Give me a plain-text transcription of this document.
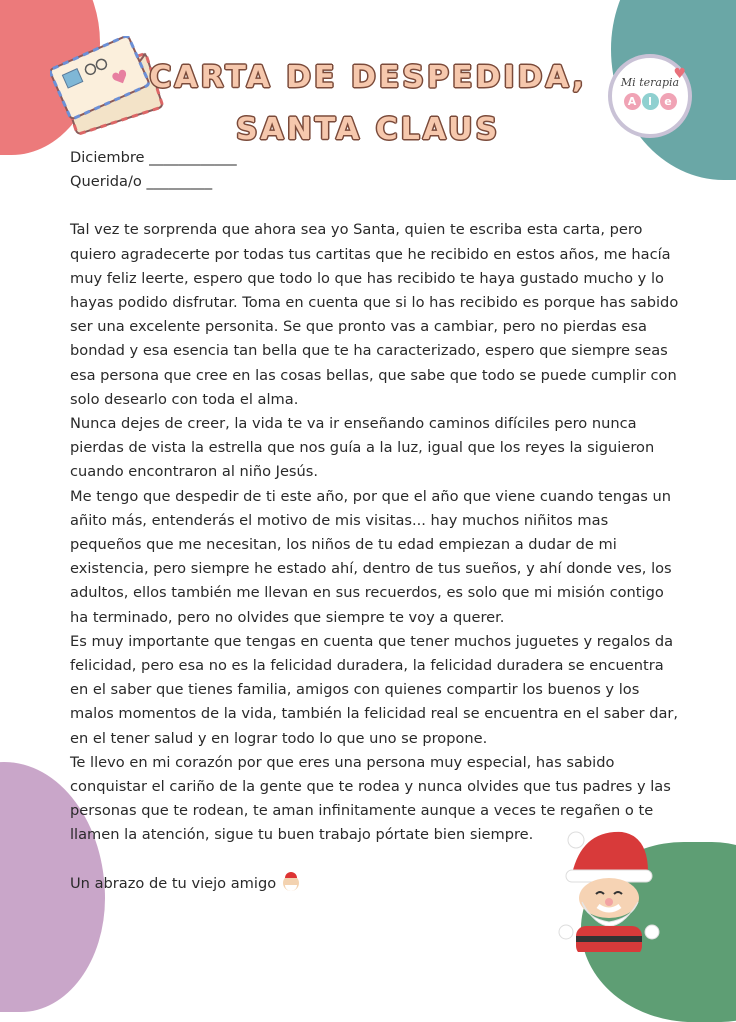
CARTA DE DESPEDIDA,
SANTA CLAUS
♥
Mi terapia
A	l	e

Diciembre ____________

Querida/o _________

Tal vez te sorprenda que ahora sea yo Santa, quien te escriba esta carta, pero quiero agradecerte por todas tus cartitas que he recibido en estos años, me hacía muy feliz leerte, espero que todo lo que has recibido te haya gustado mucho y lo hayas podido disfrutar. Toma en cuenta que si lo has recibido es porque has sabido ser una excelente personita. Se que pronto vas a cambiar, pero no pierdas esa bondad y esa esencia tan bella que te ha caracterizado, espero que siempre seas esa persona que cree en las cosas bellas, que sabe que todo se puede cumplir con solo desearlo con toda el alma.

Nunca dejes de creer, la vida te va ir enseñando caminos difíciles pero nunca pierdas de vista la estrella que nos guía a la luz, igual que los reyes la siguieron cuando encontraron al niño Jesús.

Me tengo que despedir de ti este año, por que el año que viene cuando tengas un añito más, entenderás el motivo de mis visitas... hay muchos niñitos mas pequeños que me necesitan, los niños de tu edad empiezan a dudar de mi existencia, pero siempre he estado ahí, dentro de tus sueños, y ahí donde ves, los adultos, ellos también me llevan en sus recuerdos, es solo que mi misión contigo ha terminado, pero no olvides que siempre te voy a querer.

Es muy importante que tengas en cuenta que tener muchos juguetes y regalos da felicidad, pero esa no es la felicidad duradera, la felicidad duradera se encuentra en el saber que tienes familia, amigos con quienes compartir los buenos y los malos momentos de la vida, también la felicidad real se encuentra en el saber dar, en el tener salud y en lograr todo lo que uno se propone.

Te llevo en mi corazón por que eres una persona muy especial, has sabido conquistar el cariño de la gente que te rodea y nunca olvides que tus padres y las personas que te rodean, te aman infinitamente aunque a veces te regañen o te llamen la atención, sigue tu buen trabajo pórtate bien siempre.

Un abrazo de tu viejo amigo
